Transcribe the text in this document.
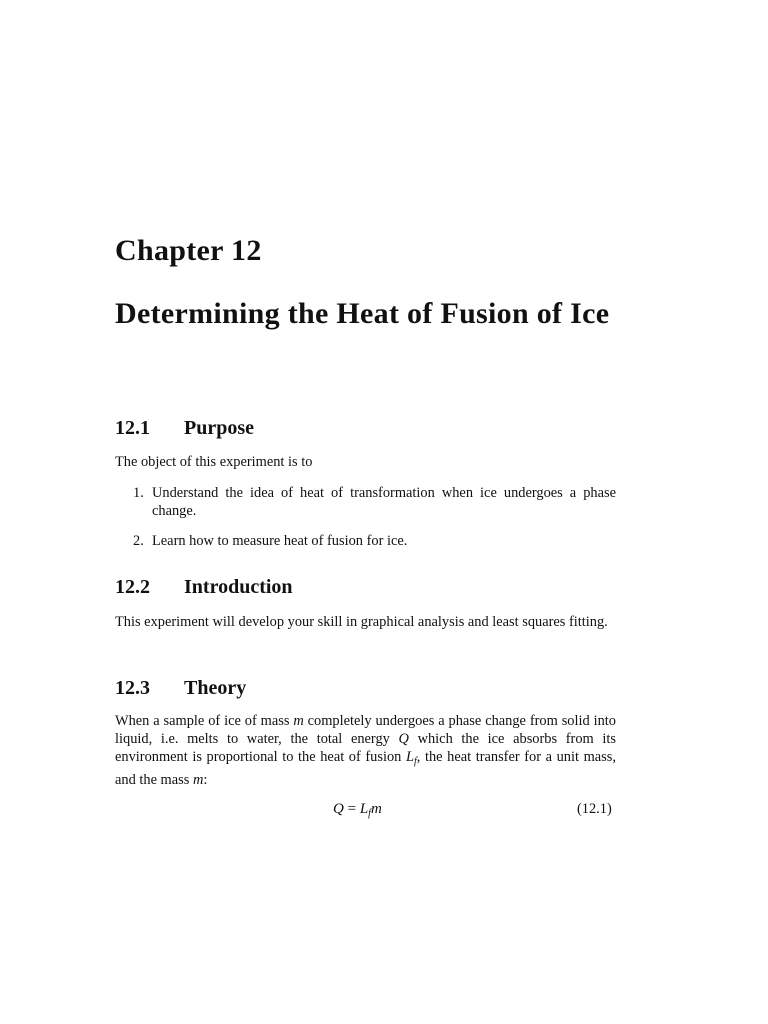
Chapter 12
Determining the Heat of Fusion of Ice
12.1 Purpose
The object of this experiment is to
1. Understand the idea of heat of transformation when ice undergoes a phase change.
2. Learn how to measure heat of fusion for ice.
12.2 Introduction
This experiment will develop your skill in graphical analysis and least squares fitting.
12.3 Theory
When a sample of ice of mass m completely undergoes a phase change from solid into liquid, i.e. melts to water, the total energy Q which the ice absorbs from its environment is proportional to the heat of fusion $L_f$, the heat transfer for a unit mass, and the mass m:
$Q = L_fm$	(12.1)
